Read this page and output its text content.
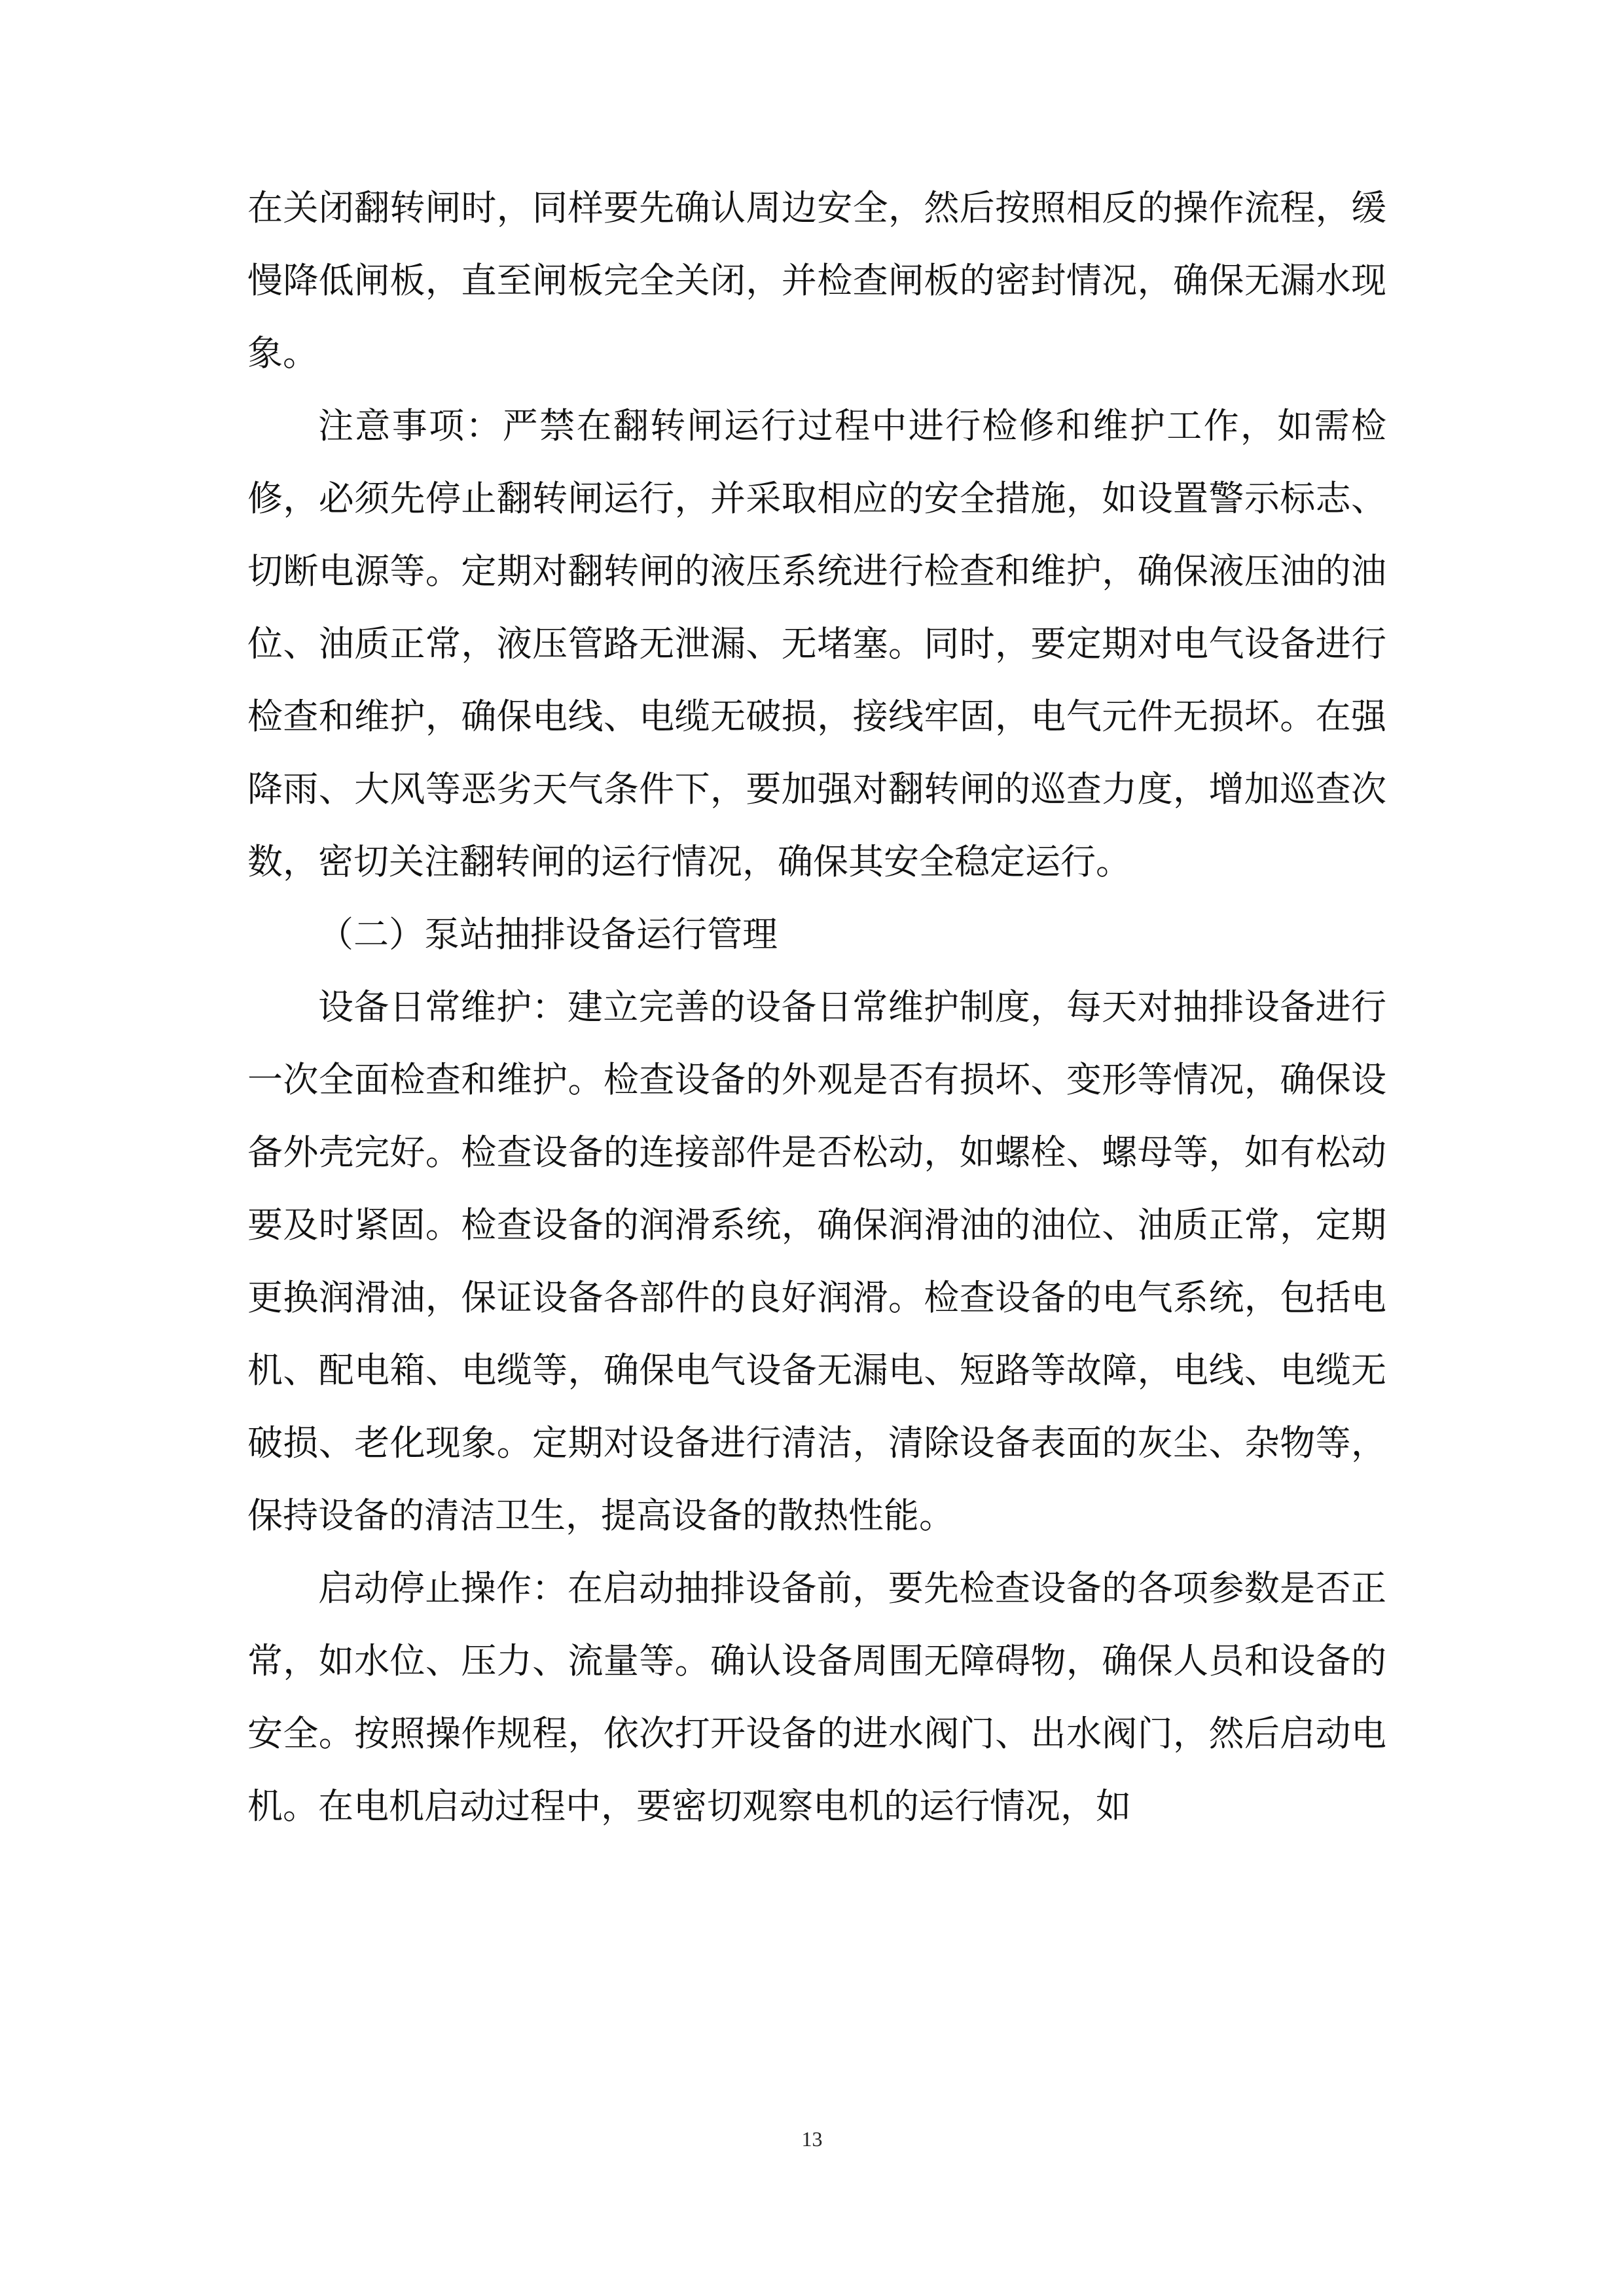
在关闭翻转闸时，同样要先确认周边安全，然后按照相反的操作流程，缓慢降低闸板，直至闸板完全关闭，并检查闸板的密封情况，确保无漏水现象。

注意事项：严禁在翻转闸运行过程中进行检修和维护工作，如需检修，必须先停止翻转闸运行，并采取相应的安全措施，如设置警示标志、切断电源等。定期对翻转闸的液压系统进行检查和维护，确保液压油的油位、油质正常，液压管路无泄漏、无堵塞。同时，要定期对电气设备进行检查和维护，确保电线、电缆无破损，接线牢固，电气元件无损坏。在强降雨、大风等恶劣天气条件下，要加强对翻转闸的巡查力度，增加巡查次数，密切关注翻转闸的运行情况，确保其安全稳定运行。

（二）泵站抽排设备运行管理

设备日常维护：建立完善的设备日常维护制度，每天对抽排设备进行一次全面检查和维护。检查设备的外观是否有损坏、变形等情况，确保设备外壳完好。检查设备的连接部件是否松动，如螺栓、螺母等，如有松动要及时紧固。检查设备的润滑系统，确保润滑油的油位、油质正常，定期更换润滑油，保证设备各部件的良好润滑。检查设备的电气系统，包括电机、配电箱、电缆等，确保电气设备无漏电、短路等故障，电线、电缆无破损、老化现象。定期对设备进行清洁，清除设备表面的灰尘、杂物等，保持设备的清洁卫生，提高设备的散热性能。

启动停止操作：在启动抽排设备前，要先检查设备的各项参数是否正常，如水位、压力、流量等。确认设备周围无障碍物，确保人员和设备的安全。按照操作规程，依次打开设备的进水阀门、出水阀门，然后启动电机。在电机启动过程中，要密切观察电机的运行情况，如

13
